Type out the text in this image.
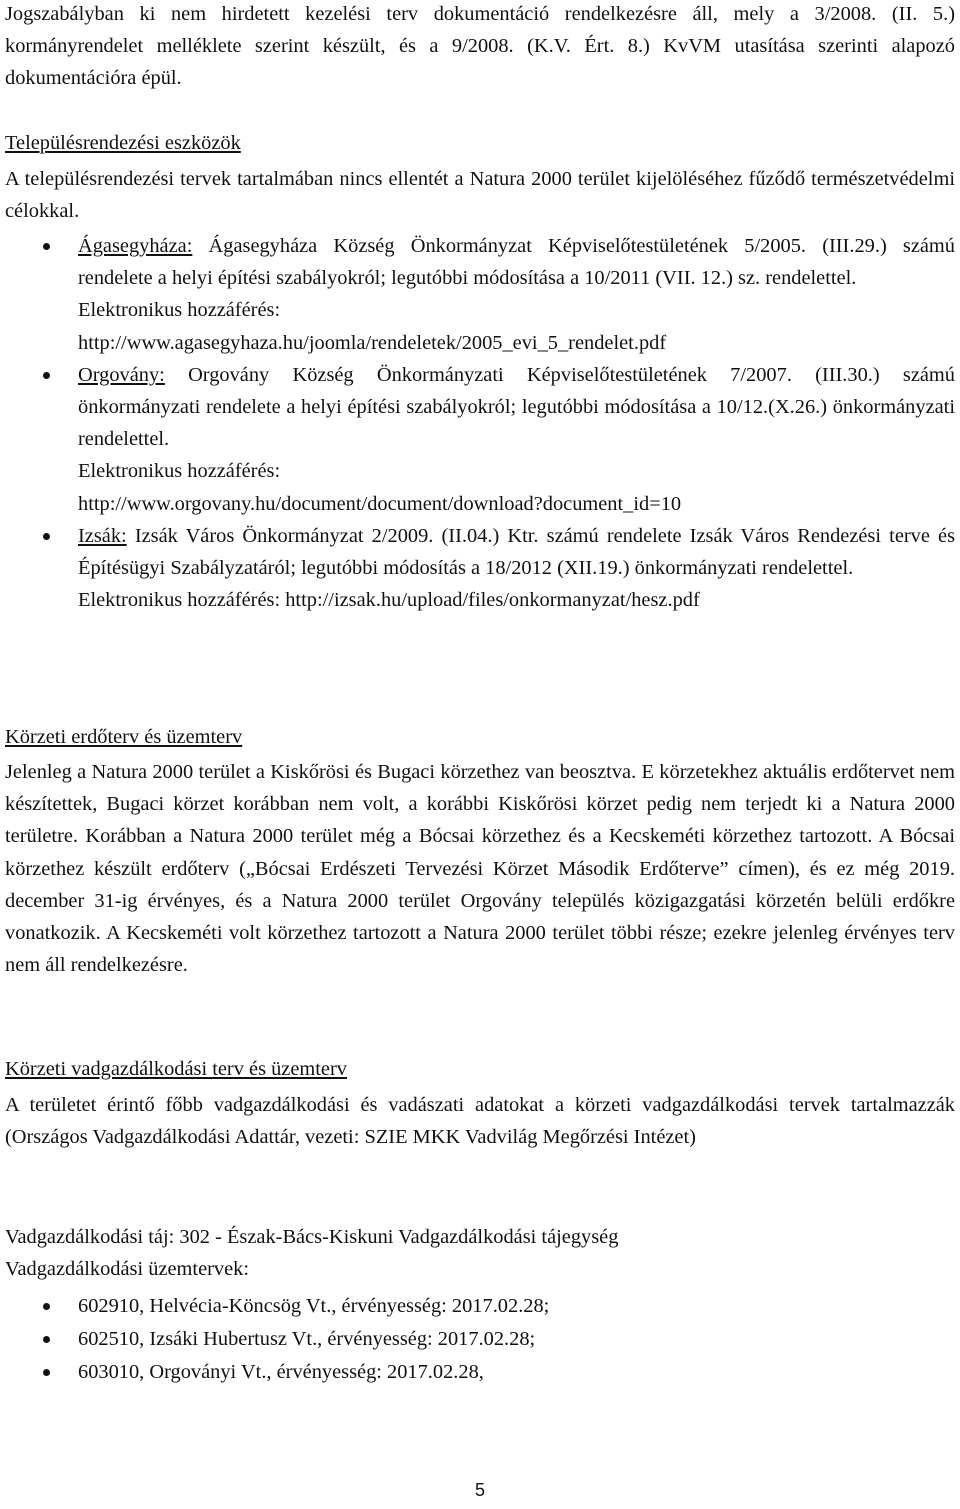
Jogszabályban ki nem hirdetett kezelési terv dokumentáció rendelkezésre áll, mely a 3/2008. (II. 5.) kormányrendelet melléklete szerint készült, és a 9/2008. (K.V. Ért. 8.) KvVM utasítása szerinti alapozó dokumentációra épül.

Településrendezési eszközök

A településrendezési tervek tartalmában nincs ellentét a Natura 2000 terület kijelöléséhez fűződő természetvédelmi célokkal.

Ágasegyháza: Ágasegyháza Község Önkormányzat Képviselőtestületének 5/2005. (III.29.) számú rendelete a helyi építési szabályokról; legutóbbi módosítása a 10/2011 (VII. 12.) sz. rendelettel.
Elektronikus hozzáférés:
http://www.agasegyhaza.hu/joomla/rendeletek/2005_evi_5_rendelet.pdf
Orgovány: Orgovány Község Önkormányzati Képviselőtestületének 7/2007. (III.30.) számú önkormányzati rendelete a helyi építési szabályokról; legutóbbi módosítása a 10/12.(X.26.) önkormányzati rendelettel.
Elektronikus hozzáférés:
http://www.orgovany.hu/document/document/download?document_id=10
Izsák: Izsák Város Önkormányzat 2/2009. (II.04.) Ktr. számú rendelete Izsák Város Rendezési terve és Építésügyi Szabályzatáról; legutóbbi módosítás a 18/2012 (XII.19.) önkormányzati rendelettel.
Elektronikus hozzáférés: http://izsak.hu/upload/files/onkormanyzat/hesz.pdf

Körzeti erdőterv és üzemterv

Jelenleg a Natura 2000 terület a Kiskőrösi és Bugaci körzethez van beosztva. E körzetekhez aktuális erdőtervet nem készítettek, Bugaci körzet korábban nem volt, a korábbi Kiskőrösi körzet pedig nem terjedt ki a Natura 2000 területre. Korábban a Natura 2000 terület még a Bócsai körzethez és a Kecskeméti körzethez tartozott. A Bócsai körzethez készült erdőterv („Bócsai Erdészeti Tervezési Körzet Második Erdőterve” címen), és ez még 2019. december 31-ig érvényes, és a Natura 2000 terület Orgovány település közigazgatási körzetén belüli erdőkre vonatkozik. A Kecskeméti volt körzethez tartozott a Natura 2000 terület többi része; ezekre jelenleg érvényes terv nem áll rendelkezésre.

Körzeti vadgazdálkodási terv és üzemterv

A területet érintő főbb vadgazdálkodási és vadászati adatokat a körzeti vadgazdálkodási tervek tartalmazzák (Országos Vadgazdálkodási Adattár, vezeti: SZIE MKK Vadvilág Megőrzési Intézet)

Vadgazdálkodási táj: 302 - Észak-Bács-Kiskuni Vadgazdálkodási tájegység

Vadgazdálkodási üzemtervek:

602910, Helvécia-Köncsög Vt., érvényesség: 2017.02.28;
602510, Izsáki Hubertusz Vt., érvényesség: 2017.02.28;
603010, Orgoványi Vt., érvényesség: 2017.02.28,
5
